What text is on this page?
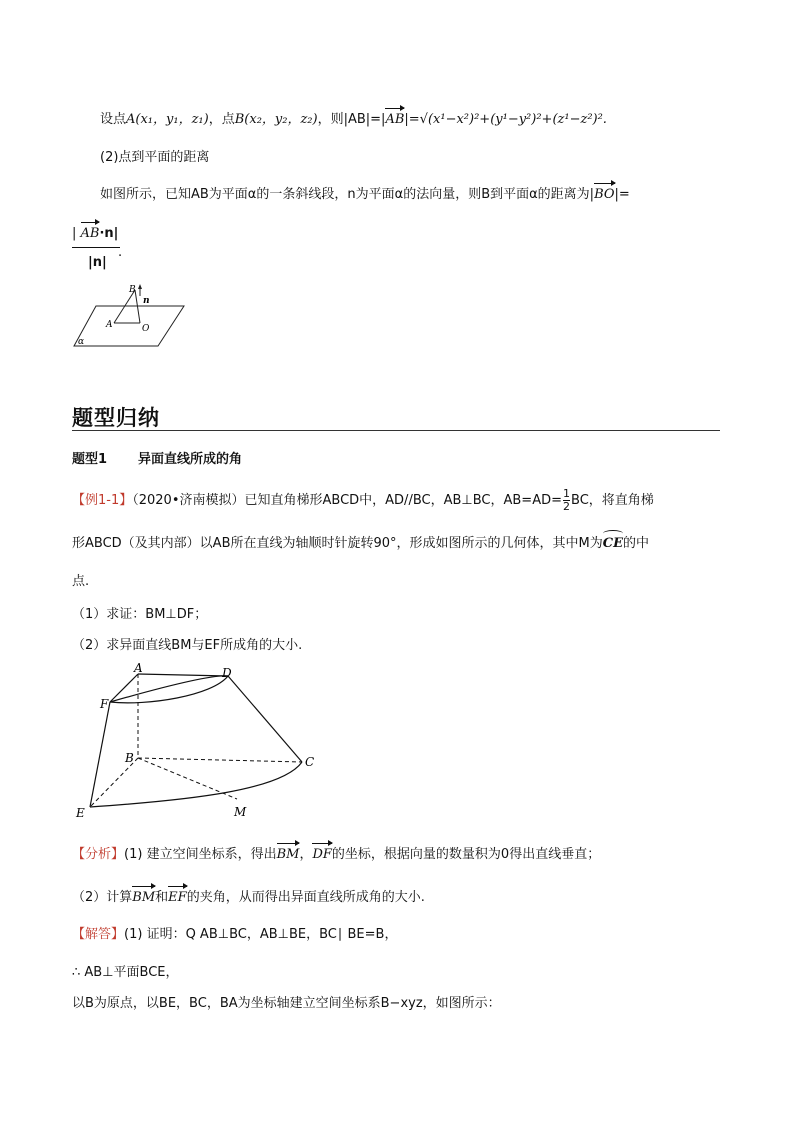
设点A(x₁，y₁，z₁)，点B(x₂，y₂，z₂)，则|AB|=|AB|=√(x¹−x²)²+(y¹−y²)²+(z¹−z²)².
(2)点到平面的距离
如图所示，已知AB为平面α的一条斜线段，n为平面α的法向量，则B到平面α的距离为|BO|=
| AB·n|
|n|
.
B
n
A	O
α
题型归纳
题型1 异面直线所成的角
【例1-1】（2020•济南模拟）已知直角梯形ABCD中，AD//BC，AB⊥BC，$AB=AD= \frac{1}{2}$ BC，将直角梯
形ABCD（及其内部）以AB所在直线为轴顺时针旋转90°，形成如图所示的几何体，其中M为
CE的中
点.
（1）求证：BM⊥DF；
（2）求异面直线BM与EF所成角的大小.
A	D
F
B	C
E	M
【分析】(1) 建立空间坐标系，得出BM，DF的坐标，根据向量的数量积为0得出直线垂直；
（2）计算BM和EF的夹角，从而得出异面直线所成角的大小.
【解答】(1) 证明：Q AB⊥BC，AB⊥BE，BC∣ BE=B，
∴ AB⊥平面BCE，
以B为原点，以BE，BC，BA为坐标轴建立空间坐标系B−xyz，如图所示：
